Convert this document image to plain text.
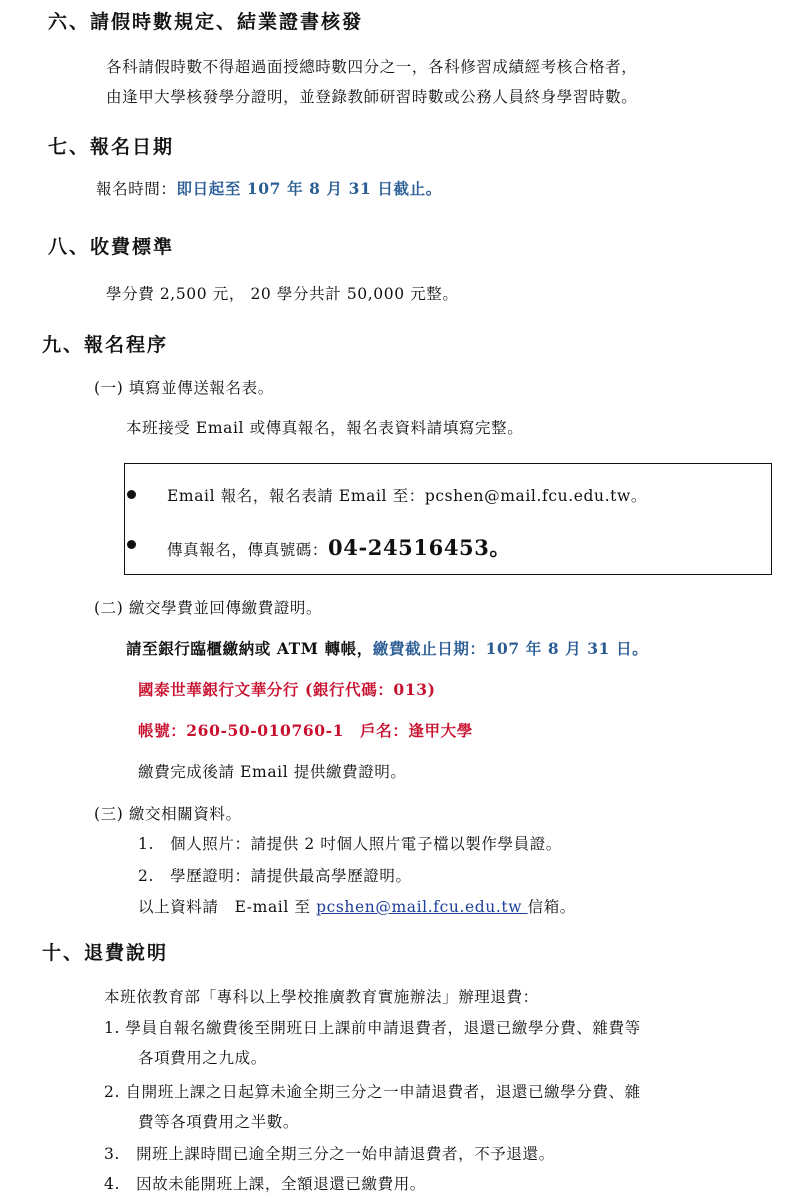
六、請假時數規定、結業證書核發
各科請假時數不得超過面授總時數四分之一，各科修習成績經考核合格者，
由逢甲大學核發學分證明，並登錄教師研習時數或公務人員終身學習時數。
七、報名日期
報名時間：即日起至 107 年 8 月 31 日截止。
八、收費標準
學分費 2,500 元， 20 學分共計 50,000 元整。
九、報名程序
(一) 填寫並傳送報名表。
本班接受 Email 或傳真報名，報名表資料請填寫完整。
Email 報名，報名表請 Email 至：pcshen@mail.fcu.edu.tw。
傳真報名，傳真號碼：04-24516453。
(二) 繳交學費並回傳繳費證明。
請至銀行臨櫃繳納或 ATM 轉帳，繳費截止日期：107 年 8 月 31 日。
國泰世華銀行文華分行 (銀行代碼：013)
帳號：260-50-010760-1　戶名：逢甲大學
繳費完成後請 Email 提供繳費證明。
(三) 繳交相關資料。
1.　個人照片：請提供 2 吋個人照片電子檔以製作學員證。
2.　學歷證明：請提供最高學歷證明。
以上資料請　E-mail 至 pcshen@mail.fcu.edu.tw 信箱。
十、退費說明
本班依教育部「專科以上學校推廣教育實施辦法」辦理退費：
1. 學員自報名繳費後至開班日上課前申請退費者，退還已繳學分費、雜費等
各項費用之九成。
2. 自開班上課之日起算未逾全期三分之一申請退費者，退還已繳學分費、雜
費等各項費用之半數。
3.　開班上課時間已逾全期三分之一始申請退費者，不予退還。
4.　因故未能開班上課，全額退還已繳費用。
